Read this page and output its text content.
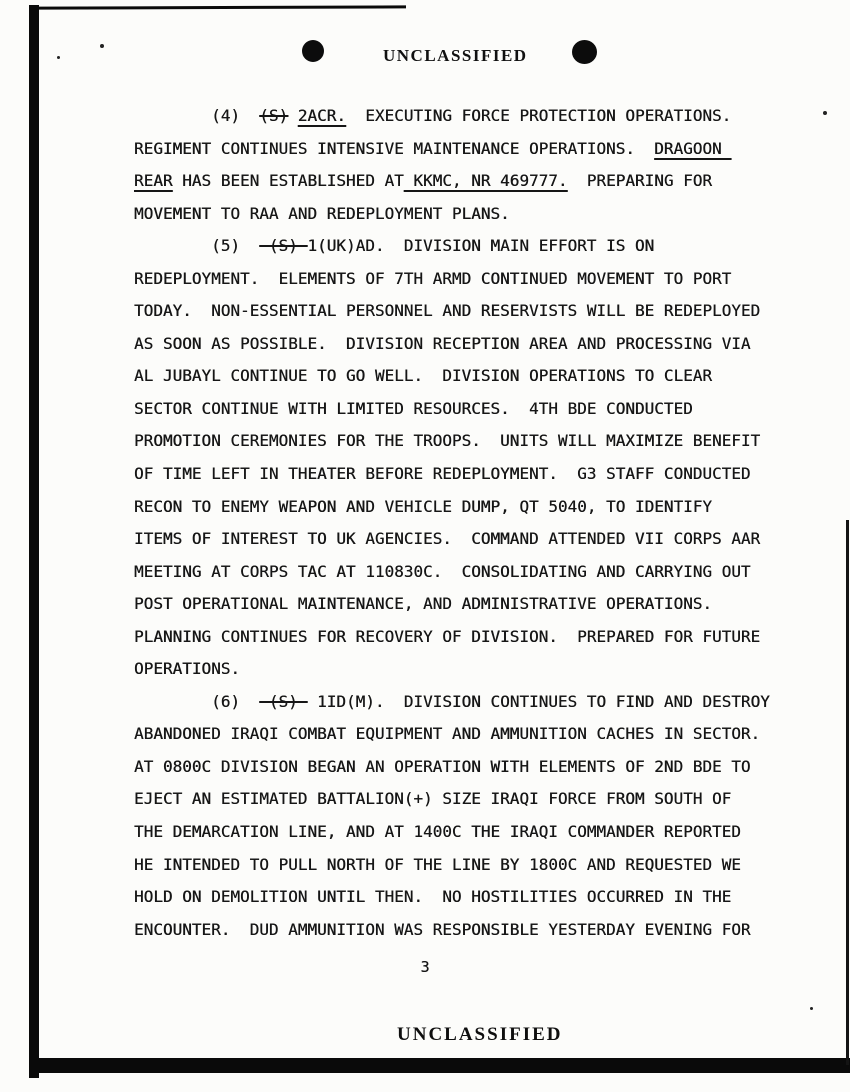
UNCLASSIFIED
(4)  (S) 2ACR.  EXECUTING FORCE PROTECTION OPERATIONS.
REGIMENT CONTINUES INTENSIVE MAINTENANCE OPERATIONS.  DRAGOON
REAR HAS BEEN ESTABLISHED AT KKMC, NR 469777.  PREPARING FOR
MOVEMENT TO RAA AND REDEPLOYMENT PLANS.
(5)  -(S)-1(UK)AD.  DIVISION MAIN EFFORT IS ON
REDEPLOYMENT.  ELEMENTS OF 7TH ARMD CONTINUED MOVEMENT TO PORT
TODAY.  NON-ESSENTIAL PERSONNEL AND RESERVISTS WILL BE REDEPLOYED
AS SOON AS POSSIBLE.  DIVISION RECEPTION AREA AND PROCESSING VIA
AL JUBAYL CONTINUE TO GO WELL.  DIVISION OPERATIONS TO CLEAR
SECTOR CONTINUE WITH LIMITED RESOURCES.  4TH BDE CONDUCTED
PROMOTION CEREMONIES FOR THE TROOPS.  UNITS WILL MAXIMIZE BENEFIT
OF TIME LEFT IN THEATER BEFORE REDEPLOYMENT.  G3 STAFF CONDUCTED
RECON TO ENEMY WEAPON AND VEHICLE DUMP, QT 5040, TO IDENTIFY
ITEMS OF INTEREST TO UK AGENCIES.  COMMAND ATTENDED VII CORPS AAR
MEETING AT CORPS TAC AT 110830C.  CONSOLIDATING AND CARRYING OUT
POST OPERATIONAL MAINTENANCE, AND ADMINISTRATIVE OPERATIONS.
PLANNING CONTINUES FOR RECOVERY OF DIVISION.  PREPARED FOR FUTURE
OPERATIONS.
(6)  -(S)- 1ID(M).  DIVISION CONTINUES TO FIND AND DESTROY
ABANDONED IRAQI COMBAT EQUIPMENT AND AMMUNITION CACHES IN SECTOR.
AT 0800C DIVISION BEGAN AN OPERATION WITH ELEMENTS OF 2ND BDE TO
EJECT AN ESTIMATED BATTALION(+) SIZE IRAQI FORCE FROM SOUTH OF
THE DEMARCATION LINE, AND AT 1400C THE IRAQI COMMANDER REPORTED
HE INTENDED TO PULL NORTH OF THE LINE BY 1800C AND REQUESTED WE
HOLD ON DEMOLITION UNTIL THEN.  NO HOSTILITIES OCCURRED IN THE
ENCOUNTER.  DUD AMMUNITION WAS RESPONSIBLE YESTERDAY EVENING FOR
3
UNCLASSIFIED
